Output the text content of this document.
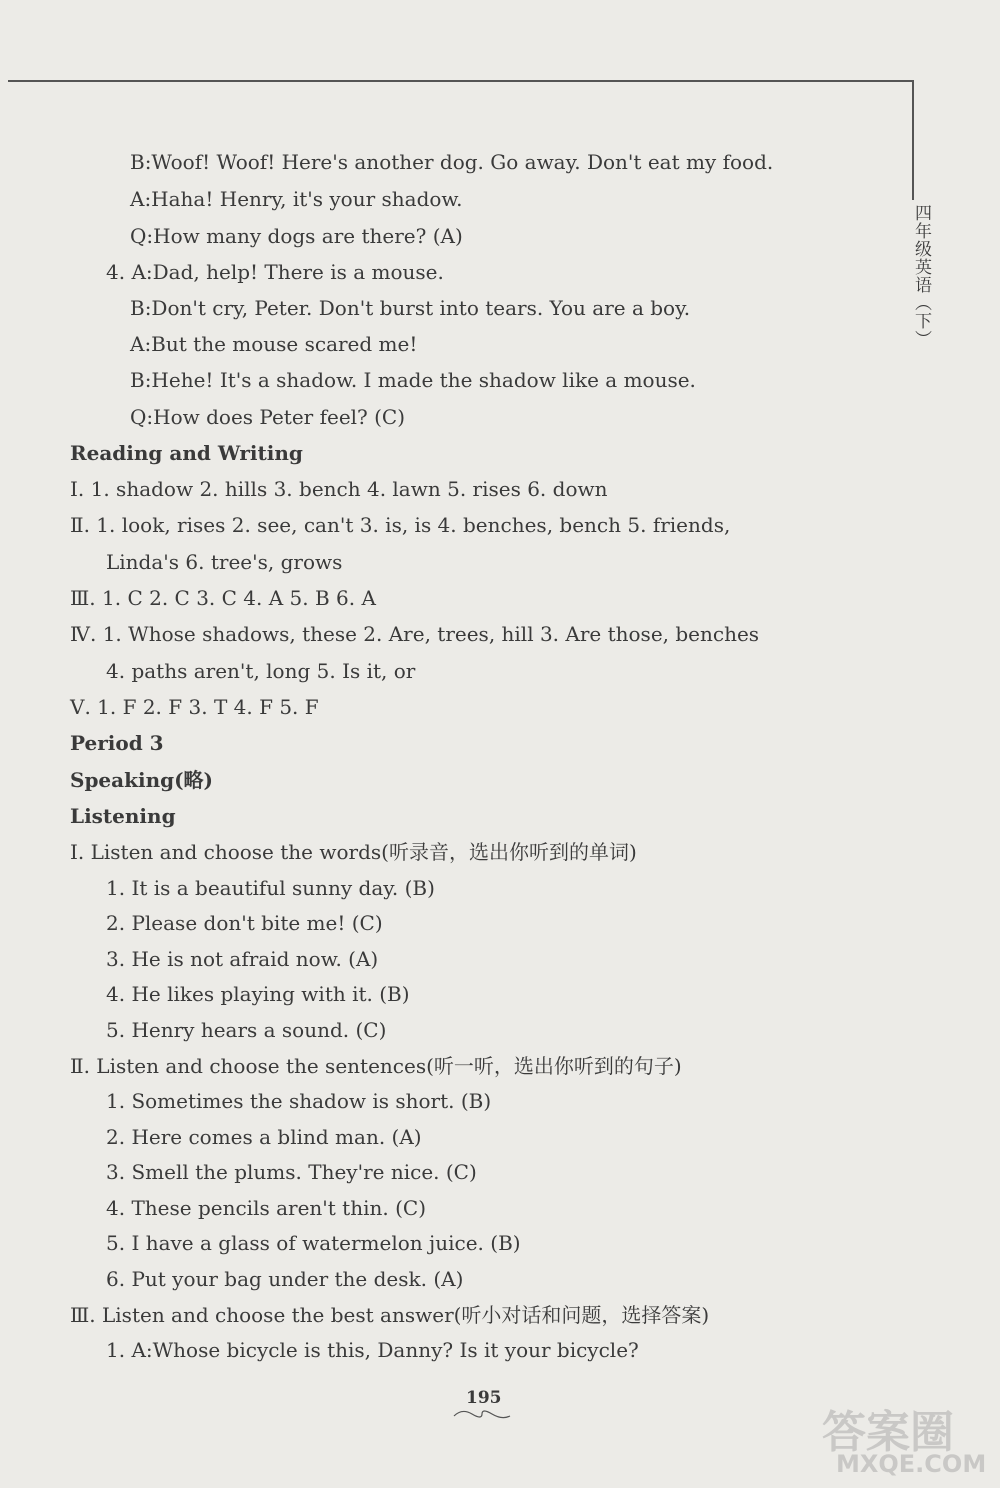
四年级英语（下）
B:Woof! Woof! Here's another dog. Go away. Don't eat my food.
A:Haha! Henry, it's your shadow.
Q:How many dogs are there? (A)
4. A:Dad, help! There is a mouse.
B:Don't cry, Peter. Don't burst into tears. You are a boy.
A:But the mouse scared me!
B:Hehe! It's a shadow. I made the shadow like a mouse.
Q:How does Peter feel? (C)
Reading and Writing
Ⅰ. 1. shadow 2. hills 3. bench 4. lawn 5. rises 6. down
Ⅱ. 1. look, rises 2. see, can't 3. is, is 4. benches, bench 5. friends,
Linda's 6. tree's, grows
Ⅲ. 1. C 2. C 3. C 4. A 5. B 6. A
Ⅳ. 1. Whose shadows, these 2. Are, trees, hill 3. Are those, benches
4. paths aren't, long 5. Is it, or
Ⅴ. 1. F 2. F 3. T 4. F 5. F
Period 3
Speaking(略)
Listening
Ⅰ. Listen and choose the words(听录音，选出你听到的单词)
1. It is a beautiful sunny day. (B)
2. Please don't bite me! (C)
3. He is not afraid now. (A)
4. He likes playing with it. (B)
5. Henry hears a sound. (C)
Ⅱ. Listen and choose the sentences(听一听，选出你听到的句子)
1. Sometimes the shadow is short. (B)
2. Here comes a blind man. (A)
3. Smell the plums. They're nice. (C)
4. These pencils aren't thin. (C)
5. I have a glass of watermelon juice. (B)
6. Put your bag under the desk. (A)
Ⅲ. Listen and choose the best answer(听小对话和问题，选择答案)
1. A:Whose bicycle is this, Danny? Is it your bicycle?
195
答案圈
MXQE.COM
